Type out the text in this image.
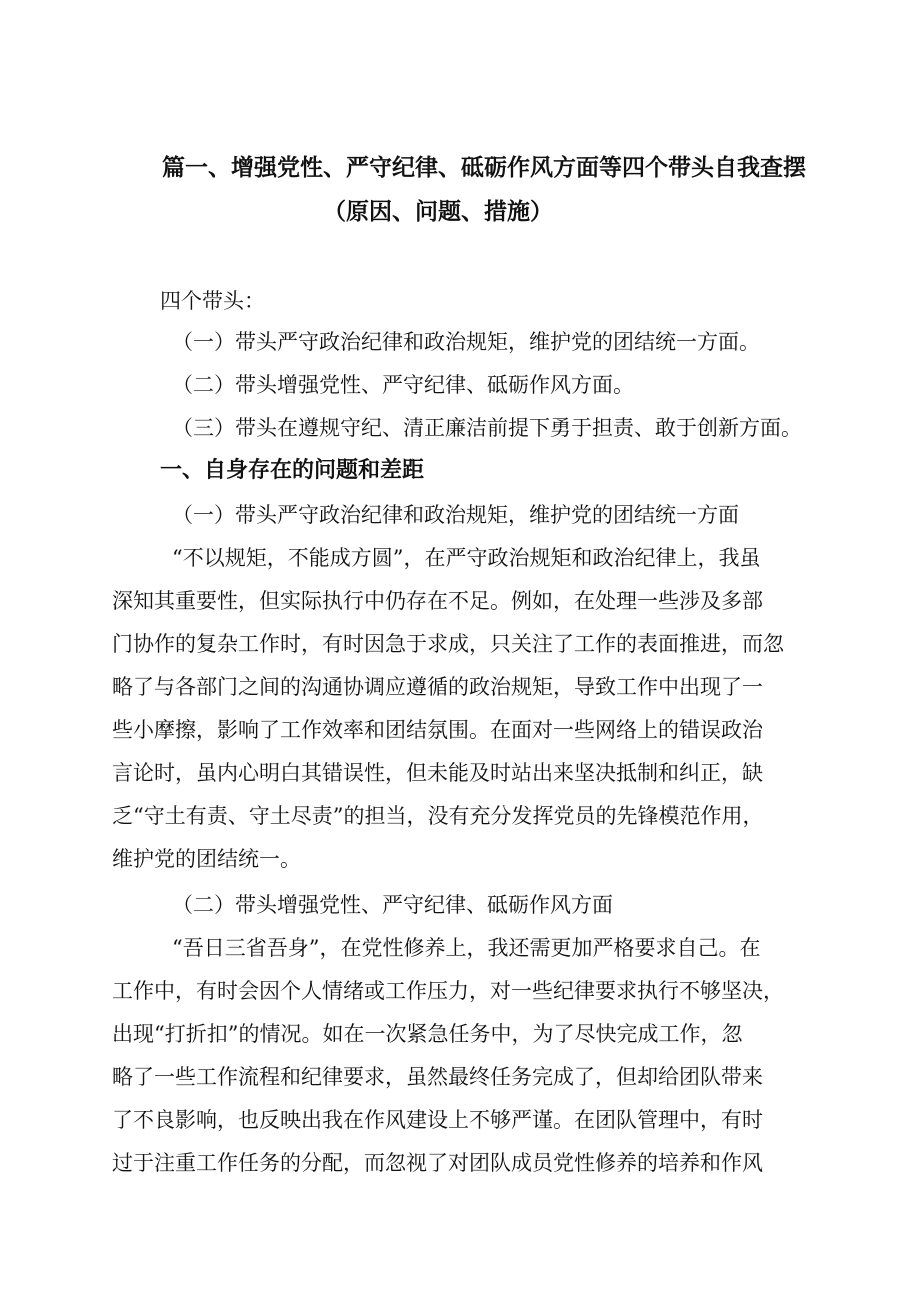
篇一、增强党性、严守纪律、砥砺作风方面等四个带头自我查摆
（原因、问题、措施）
四个带头：
（一）带头严守政治纪律和政治规矩，维护党的团结统一方面。
（二）带头增强党性、严守纪律、砥砺作风方面。
（三）带头在遵规守纪、清正廉洁前提下勇于担责、敢于创新方面。
一、自身存在的问题和差距
（一）带头严守政治纪律和政治规矩，维护党的团结统一方面
“不以规矩，不能成方圆”，在严守政治规矩和政治纪律上，我虽
深知其重要性，但实际执行中仍存在不足。例如，在处理一些涉及多部
门协作的复杂工作时，有时因急于求成，只关注了工作的表面推进，而忽
略了与各部门之间的沟通协调应遵循的政治规矩，导致工作中出现了一
些小摩擦，影响了工作效率和团结氛围。在面对一些网络上的错误政治
言论时，虽内心明白其错误性，但未能及时站出来坚决抵制和纠正，缺
乏“守土有责、守土尽责”的担当，没有充分发挥党员的先锋模范作用，
维护党的团结统一。
（二）带头增强党性、严守纪律、砥砺作风方面
“吾日三省吾身”，在党性修养上，我还需更加严格要求自己。在
工作中，有时会因个人情绪或工作压力，对一些纪律要求执行不够坚决，
出现“打折扣”的情况。如在一次紧急任务中，为了尽快完成工作，忽
略了一些工作流程和纪律要求，虽然最终任务完成了，但却给团队带来
了不良影响，也反映出我在作风建设上不够严谨。在团队管理中，有时
过于注重工作任务的分配，而忽视了对团队成员党性修养的培养和作风
